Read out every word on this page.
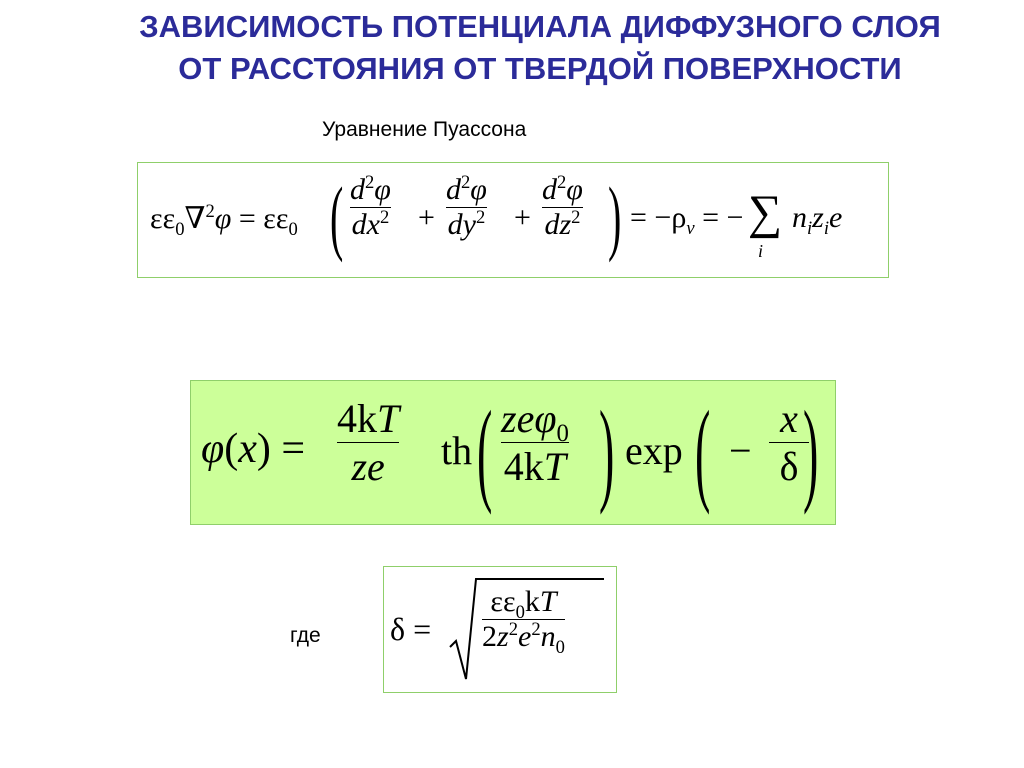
ЗАВИСИМОСТЬ ПОТЕНЦИАЛА ДИФФУЗНОГО СЛОЯ
ОТ РАССТОЯНИЯ ОТ ТВЕРДОЙ ПОВЕРХНОСТИ
Уравнение Пуассона
$\varepsilon\varepsilon_0\nabla^2\varphi = \varepsilon\varepsilon_0$ ( $d^2\varphi$
$dx^2$ +
$d^2\varphi$
$dy^2$ +
$d^2\varphi$
$dz^2$ ) = $-\rho_v$ = − ∑
i
$n_iz_ie$
φ(x) =
4kT
ze th ( zeφ$_0$
4kT ) exp ( −
x
δ )
где δ =
$\varepsilon\varepsilon_0kT$
$2z^2e^2n_0$
